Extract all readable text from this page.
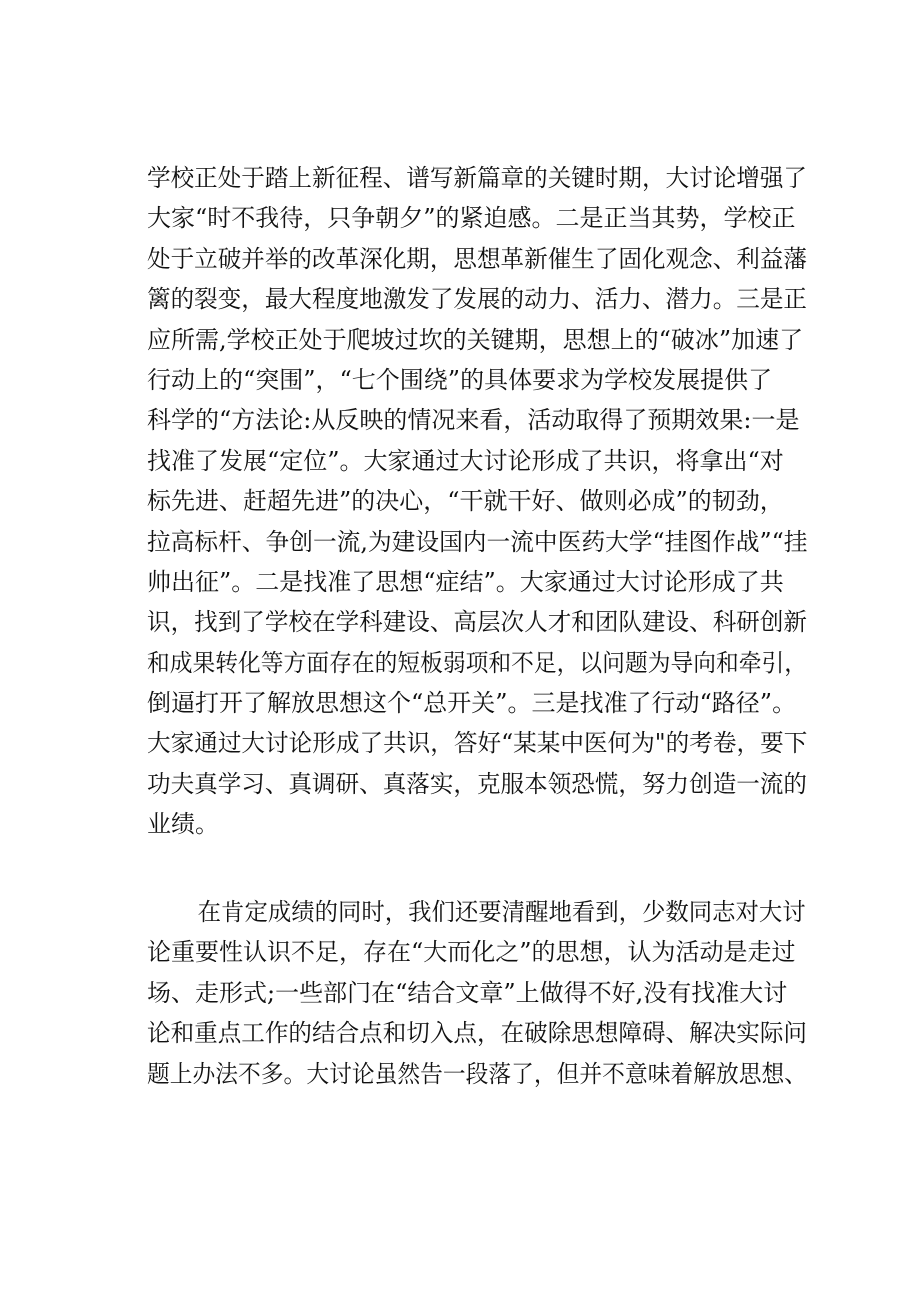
学校正处于踏上新征程、谱写新篇章的关键时期，大讨论增强了
大家“时不我待，只争朝夕”的紧迫感。二是正当其势，学校正
处于立破并举的改革深化期，思想革新催生了固化观念、利益藩
篱的裂变，最大程度地激发了发展的动力、活力、潜力。三是正
应所需,学校正处于爬坡过坎的关键期，思想上的“破冰”加速了
行动上的“突围”，“七个围绕”的具体要求为学校发展提供了
科学的“方法论:从反映的情况来看，活动取得了预期效果:一是
找准了发展“定位”。大家通过大讨论形成了共识，将拿出“对
标先进、赶超先进”的决心，“干就干好、做则必成”的韧劲，
拉高标杆、争创一流,为建设国内一流中医药大学“挂图作战”“挂
帅出征”。二是找准了思想“症结”。大家通过大讨论形成了共
识，找到了学校在学科建设、高层次人才和团队建设、科研创新
和成果转化等方面存在的短板弱项和不足，以问题为导向和牵引，
倒逼打开了解放思想这个“总开关”。三是找准了行动“路径”。
大家通过大讨论形成了共识，答好“某某中医何为"的考卷，要下
功夫真学习、真调研、真落实，克服本领恐慌，努力创造一流的
业绩。
在肯定成绩的同时，我们还要清醒地看到，少数同志对大讨
论重要性认识不足，存在“大而化之”的思想，认为活动是走过
场、走形式;一些部门在“结合文章”上做得不好,没有找准大讨
论和重点工作的结合点和切入点，在破除思想障碍、解决实际问
题上办法不多。大讨论虽然告一段落了，但并不意味着解放思想、
